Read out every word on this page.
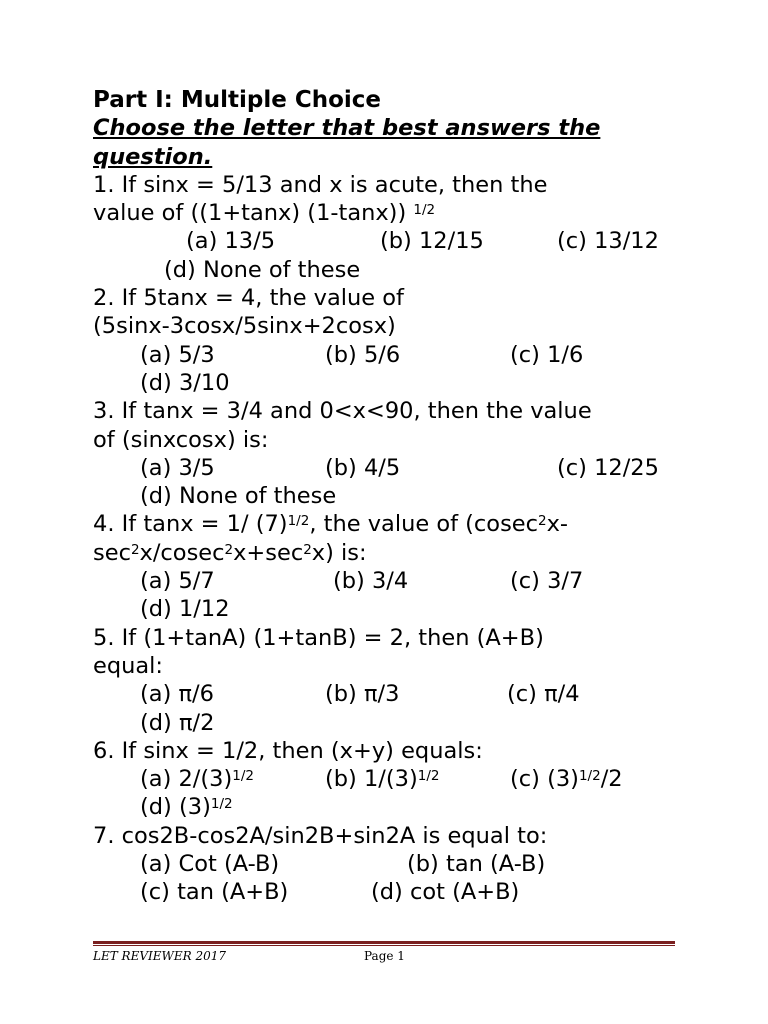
Part I: Multiple Choice
Choose the letter that best answers the
question.
1. If sinx = 5/13 and x is acute, then the
value of ((1+tanx) (1-tanx)) $^{1/2}$
(a) 13/5	(b) 12/15	(c) 13/12
(d) None of these
2. If 5tanx = 4, the value of
(5sinx-3cosx/5sinx+2cosx)
(a) 5/3	(b) 5/6	(c) 1/6
(d) 3/10
3. If tanx = 3/4 and 0<x<90, then the value
of (sinxcosx) is:
(a) 3/5	(b) 4/5	(c) 12/25
(d) None of these
4. If tanx = 1/ $(7)^{1/2}$, the value of (cosec$^2$x-
$\sec^2x/cosec^2x+\sec^2x$) is:
(a) 5/7	(b) 3/4	(c) 3/7
(d) 1/12
5. If (1+tanA) (1+tanB) = 2, then (A+B)
equal:
(a) π/6	(b) π/3	(c) π/4
(d) π/2
6. If sinx = 1/2, then (x+y) equals:
(a) $2/(3)^{1/2}$	(b) $1/(3)^{1/2}$	(c) $(3)^{1/2}/2$
(d) $(3)^{1/2}$
7. cos2B-cos2A/sin2B+sin2A is equal to:
(a) Cot (A-B)	(b) tan (A-B)
(c) tan (A+B)	(d) cot (A+B)
LET REVIEWER 2017	Page 1
